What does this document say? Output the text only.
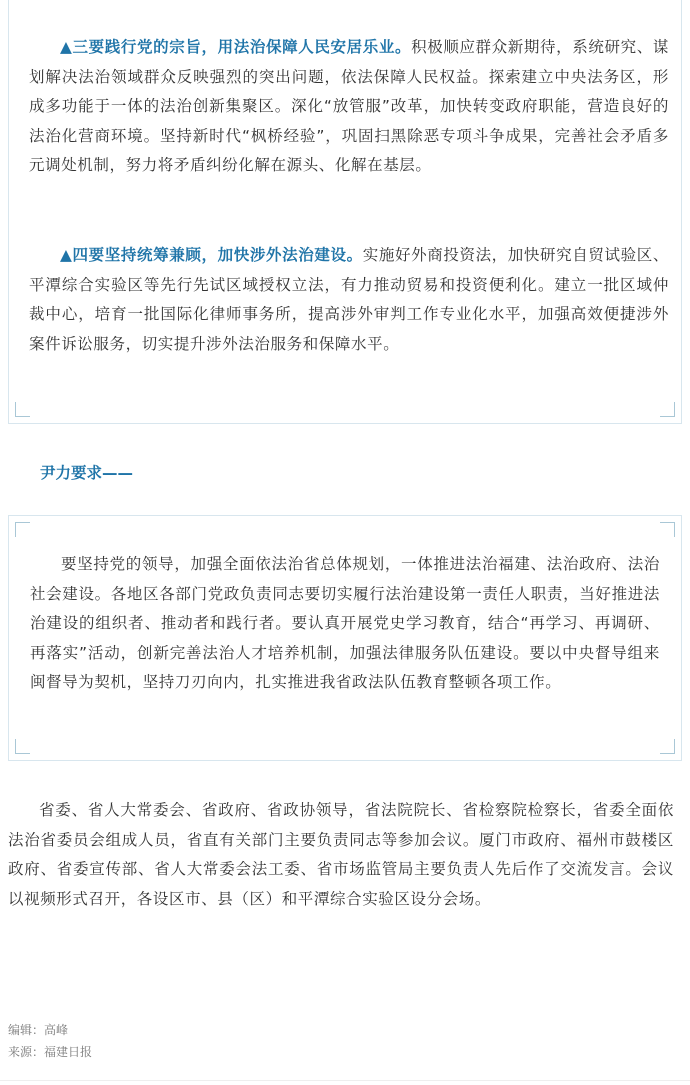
▲三要践行党的宗旨，用法治保障人民安居乐业。积极顺应群众新期待，系统研究、谋划解决法治领域群众反映强烈的突出问题，依法保障人民权益。探索建立中央法务区，形成多功能于一体的法治创新集聚区。深化“放管服”改革，加快转变政府职能，营造良好的法治化营商环境。坚持新时代“枫桥经验”，巩固扫黑除恶专项斗争成果，完善社会矛盾多元调处机制，努力将矛盾纠纷化解在源头、化解在基层。

▲四要坚持统筹兼顾，加快涉外法治建设。实施好外商投资法，加快研究自贸试验区、平潭综合实验区等先行先试区域授权立法，有力推动贸易和投资便利化。建立一批区域仲裁中心，培育一批国际化律师事务所，提高涉外审判工作专业化水平，加强高效便捷涉外案件诉讼服务，切实提升涉外法治服务和保障水平。

尹力要求——

要坚持党的领导，加强全面依法治省总体规划，一体推进法治福建、法治政府、法治社会建设。各地区各部门党政负责同志要切实履行法治建设第一责任人职责，当好推进法治建设的组织者、推动者和践行者。要认真开展党史学习教育，结合“再学习、再调研、再落实”活动，创新完善法治人才培养机制，加强法律服务队伍建设。要以中央督导组来闽督导为契机，坚持刀刃向内，扎实推进我省政法队伍教育整顿各项工作。

省委、省人大常委会、省政府、省政协领导，省法院院长、省检察院检察长，省委全面依法治省委员会组成人员，省直有关部门主要负责同志等参加会议。厦门市政府、福州市鼓楼区政府、省委宣传部、省人大常委会法工委、省市场监管局主要负责人先后作了交流发言。会议以视频形式召开，各设区市、县（区）和平潭综合实验区设分会场。

编辑：高峰

来源：福建日报
